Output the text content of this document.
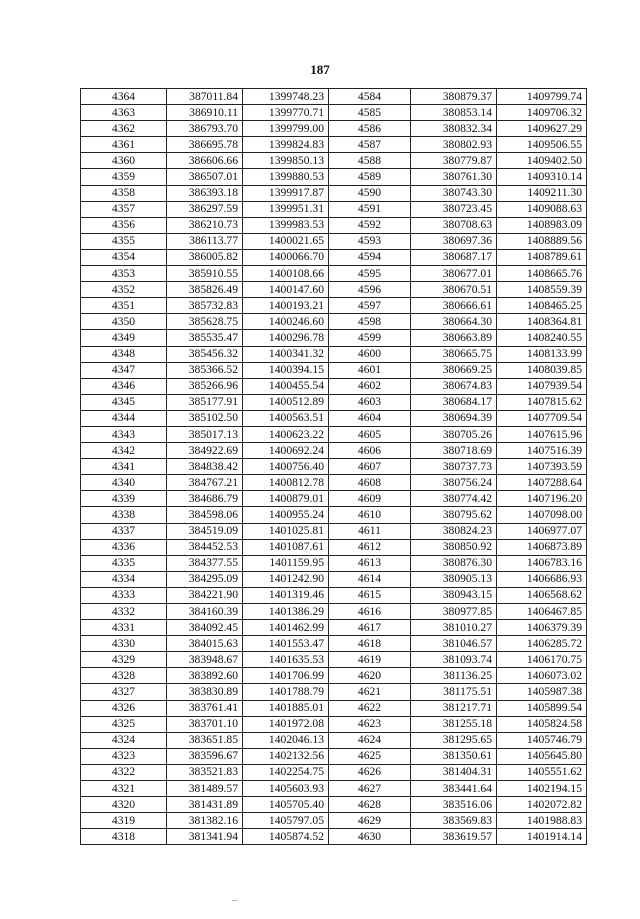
187
4364	387011.84	1399748.23	4584	380879.37	1409799.74
4363	386910.11	1399770.71	4585	380853.14	1409706.32
4362	386793.70	1399799.00	4586	380832.34	1409627.29
4361	386695.78	1399824.83	4587	380802.93	1409506.55
4360	386606.66	1399850.13	4588	380779.87	1409402.50
4359	386507.01	1399880.53	4589	380761.30	1409310.14
4358	386393.18	1399917.87	4590	380743.30	1409211.30
4357	386297.59	1399951.31	4591	380723.45	1409088.63
4356	386210.73	1399983.53	4592	380708.63	1408983.09
4355	386113.77	1400021.65	4593	380697.36	1408889.56
4354	386005.82	1400066.70	4594	380687.17	1408789.61
4353	385910.55	1400108.66	4595	380677.01	1408665.76
4352	385826.49	1400147.60	4596	380670.51	1408559.39
4351	385732.83	1400193.21	4597	380666.61	1408465.25
4350	385628.75	1400246.60	4598	380664.30	1408364.81
4349	385535.47	1400296.78	4599	380663.89	1408240.55
4348	385456.32	1400341.32	4600	380665.75	1408133.99
4347	385366.52	1400394.15	4601	380669.25	1408039.85
4346	385266.96	1400455.54	4602	380674.83	1407939.54
4345	385177.91	1400512.89	4603	380684.17	1407815.62
4344	385102.50	1400563.51	4604	380694.39	1407709.54
4343	385017.13	1400623.22	4605	380705.26	1407615.96
4342	384922.69	1400692.24	4606	380718.69	1407516.39
4341	384838.42	1400756.40	4607	380737.73	1407393.59
4340	384767.21	1400812.78	4608	380756.24	1407288.64
4339	384686.79	1400879.01	4609	380774.42	1407196.20
4338	384598.06	1400955.24	4610	380795.62	1407098.00
4337	384519.09	1401025.81	4611	380824.23	1406977.07
4336	384452.53	1401087.61	4612	380850.92	1406873.89
4335	384377.55	1401159.95	4613	380876.30	1406783.16
4334	384295.09	1401242.90	4614	380905.13	1406686.93
4333	384221.90	1401319.46	4615	380943.15	1406568.62
4332	384160.39	1401386.29	4616	380977.85	1406467.85
4331	384092.45	1401462.99	4617	381010.27	1406379.39
4330	384015.63	1401553.47	4618	381046.57	1406285.72
4329	383948.67	1401635.53	4619	381093.74	1406170.75
4328	383892.60	1401706.99	4620	381136.25	1406073.02
4327	383830.89	1401788.79	4621	381175.51	1405987.38
4326	383761.41	1401885.01	4622	381217.71	1405899.54
4325	383701.10	1401972.08	4623	381255.18	1405824.58
4324	383651.85	1402046.13	4624	381295.65	1405746.79
4323	383596.67	1402132.56	4625	381350.61	1405645.80
4322	383521.83	1402254.75	4626	381404.31	1405551.62
4321	381489.57	1405603.93	4627	383441.64	1402194.15
4320	381431.89	1405705.40	4628	383516.06	1402072.82
4319	381382.16	1405797.05	4629	383569.83	1401988.83
4318	381341.94	1405874.52	4630	383619.57	1401914.14
